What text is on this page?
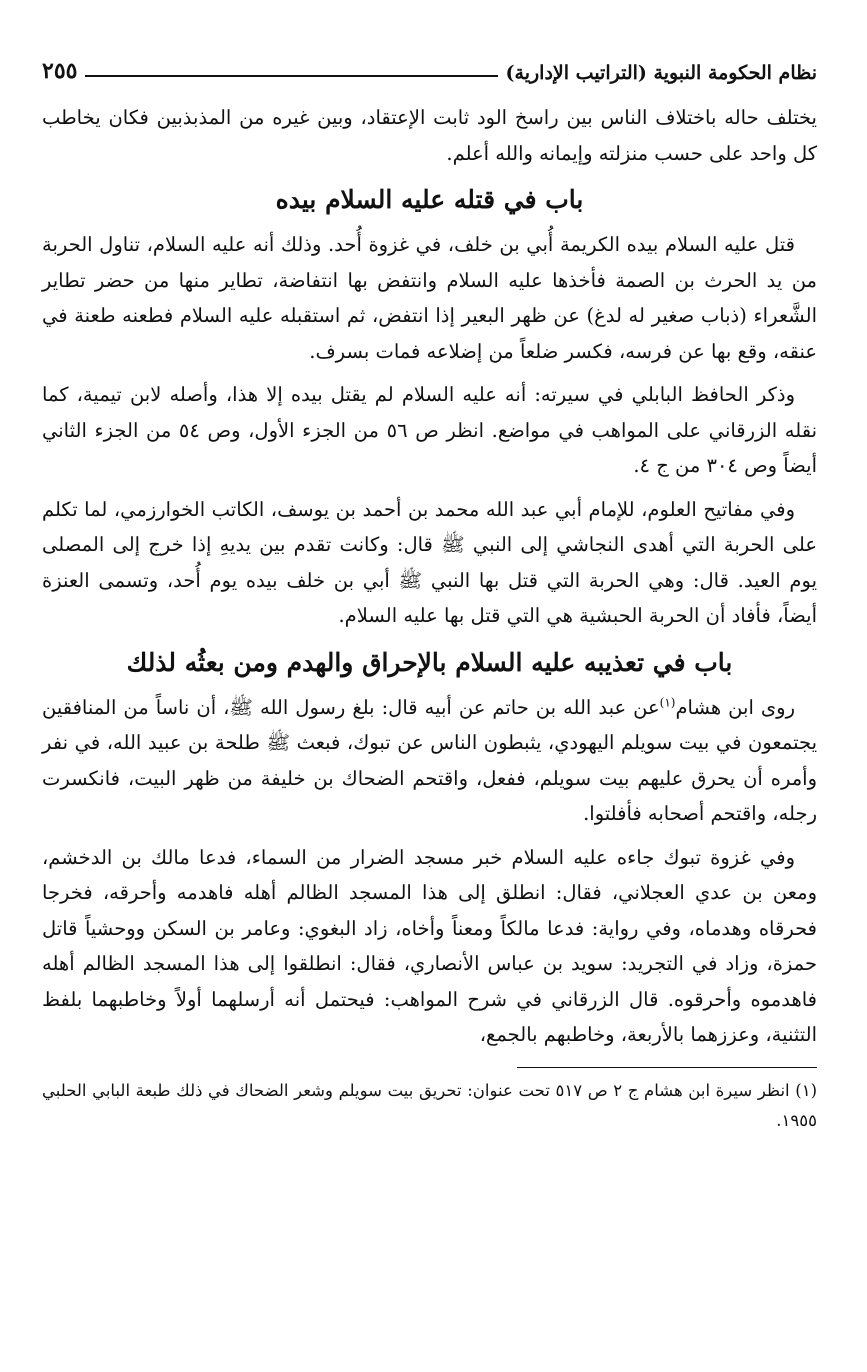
نظام الحكومة النبوية (التراتيب الإدارية)
٢٥٥

يختلف حاله باختلاف الناس بين راسخ الود ثابت الإعتقاد، وبين غيره من المذبذبين فكان يخاطب كل واحد على حسب منزلته وإيمانه والله أعلم.

باب في قتله عليه السلام بيده

قتل عليه السلام بيده الكريمة أُبي بن خلف، في غزوة أُحد. وذلك أنه عليه السلام، تناول الحربة من يد الحرث بن الصمة فأخذها عليه السلام وانتفض بها انتفاضة، تطاير منها من حضر تطاير الشَّعراء (ذباب صغير له لدغ) عن ظهر البعير إذا انتفض، ثم استقبله عليه السلام فطعنه طعنة في عنقه، وقع بها عن فرسه، فكسر ضلعاً من إضلاعه فمات بسرف.

وذكر الحافظ البابلي في سيرته: أنه عليه السلام لم يقتل بيده إلا هذا، وأصله لابن تيمية، كما نقله الزرقاني على المواهب في مواضع. انظر ص ٥٦ من الجزء الأول، وص ٥٤ من الجزء الثاني أيضاً وص ٣٠٤ من ج ٤.

وفي مفاتيح العلوم، للإمام أبي عبد الله محمد بن أحمد بن يوسف، الكاتب الخوارزمي، لما تكلم على الحربة التي أهدى النجاشي إلى النبي ﷺ قال: وكانت تقدم بين يديهِ إذا خرج إلى المصلى يوم العيد. قال: وهي الحربة التي قتل بها النبي ﷺ أبي بن خلف بيده يوم أُحد، وتسمى العنزة أيضاً، فأفاد أن الحربة الحبشية هي التي قتل بها عليه السلام.

باب في تعذيبه عليه السلام بالإحراق والهدم ومن بعثُه لذلك

روى ابن هشام$^{(١)}$عن عبد الله بن حاتم عن أبيه قال: بلغ رسول الله ﷺ، أن ناساً من المنافقين يجتمعون في بيت سويلم اليهودي، يثبطون الناس عن تبوك، فبعث ﷺ طلحة بن عبيد الله، في نفر وأمره أن يحرق عليهم بيت سويلم، ففعل، واقتحم الضحاك بن خليفة من ظهر البيت، فانكسرت رجله، واقتحم أصحابه فأفلتوا.

وفي غزوة تبوك جاءه عليه السلام خبر مسجد الضرار من السماء، فدعا مالك بن الدخشم، ومعن بن عدي العجلاني، فقال: انطلق إلى هذا المسجد الظالم أهله فاهدمه وأحرقه، فخرجا فحرقاه وهدماه، وفي رواية: فدعا مالكاً ومعناً وأخاه، زاد البغوي: وعامر بن السكن ووحشياً قاتل حمزة، وزاد في التجريد: سويد بن عباس الأنصاري، فقال: انطلقوا إلى هذا المسجد الظالم أهله فاهدموه وأحرقوه. قال الزرقاني في شرح المواهب: فيحتمل أنه أرسلهما أولاً وخاطبهما بلفظ التثنية، وعززهما بالأربعة، وخاطبهم بالجمع،

(١) انظر سيرة ابن هشام ج ٢ ص ٥١٧ تحت عنوان: تحريق بيت سويلم وشعر الضحاك في ذلك طبعة البابي الحلبي ١٩٥٥.
